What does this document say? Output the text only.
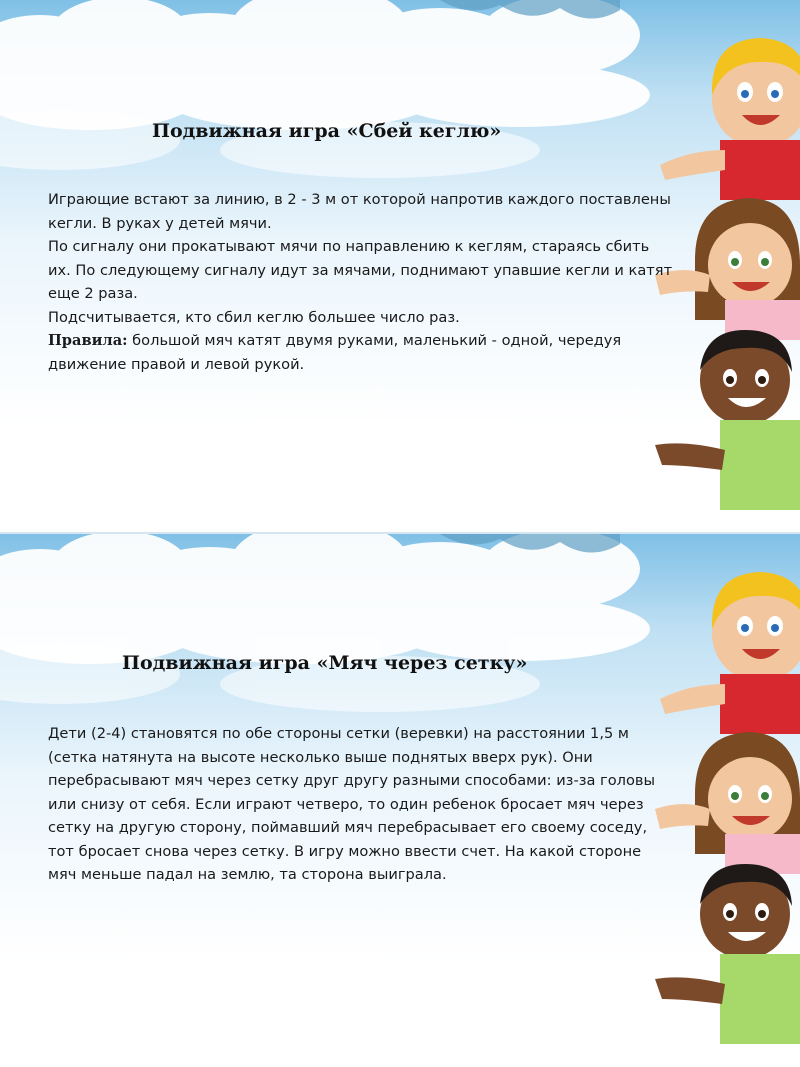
Подвижная игра «Сбей кеглю»

Играющие встают за линию, в 2 - 3 м от которой напротив каждого поставлены кегли. В руках у детей мячи.

По сигналу они прокатывают мячи по направлению к кеглям, стараясь сбить их. По следующему сигналу идут за мячами, поднимают упавшие кегли и катят еще 2 раза.

Подсчитывается, кто сбил кеглю большее число раз.

Правила: большой мяч катят двумя руками, маленький - одной, чередуя движение правой и левой рукой.

Подвижная игра «Мяч через сетку»

Дети (2-4) становятся по обе стороны сетки (веревки) на расстоянии 1,5 м (сетка натянута на высоте несколько выше поднятых вверх рук). Они перебрасывают мяч через сетку друг другу разными способами: из-за головы или снизу от себя. Если играют четверо, то один ребенок бросает мяч через сетку на другую сторону, поймавший мяч перебрасывает его своему соседу, тот бросает снова через сетку. В игру можно ввести счет. На какой стороне мяч меньше падал на землю, та сторона выиграла.
